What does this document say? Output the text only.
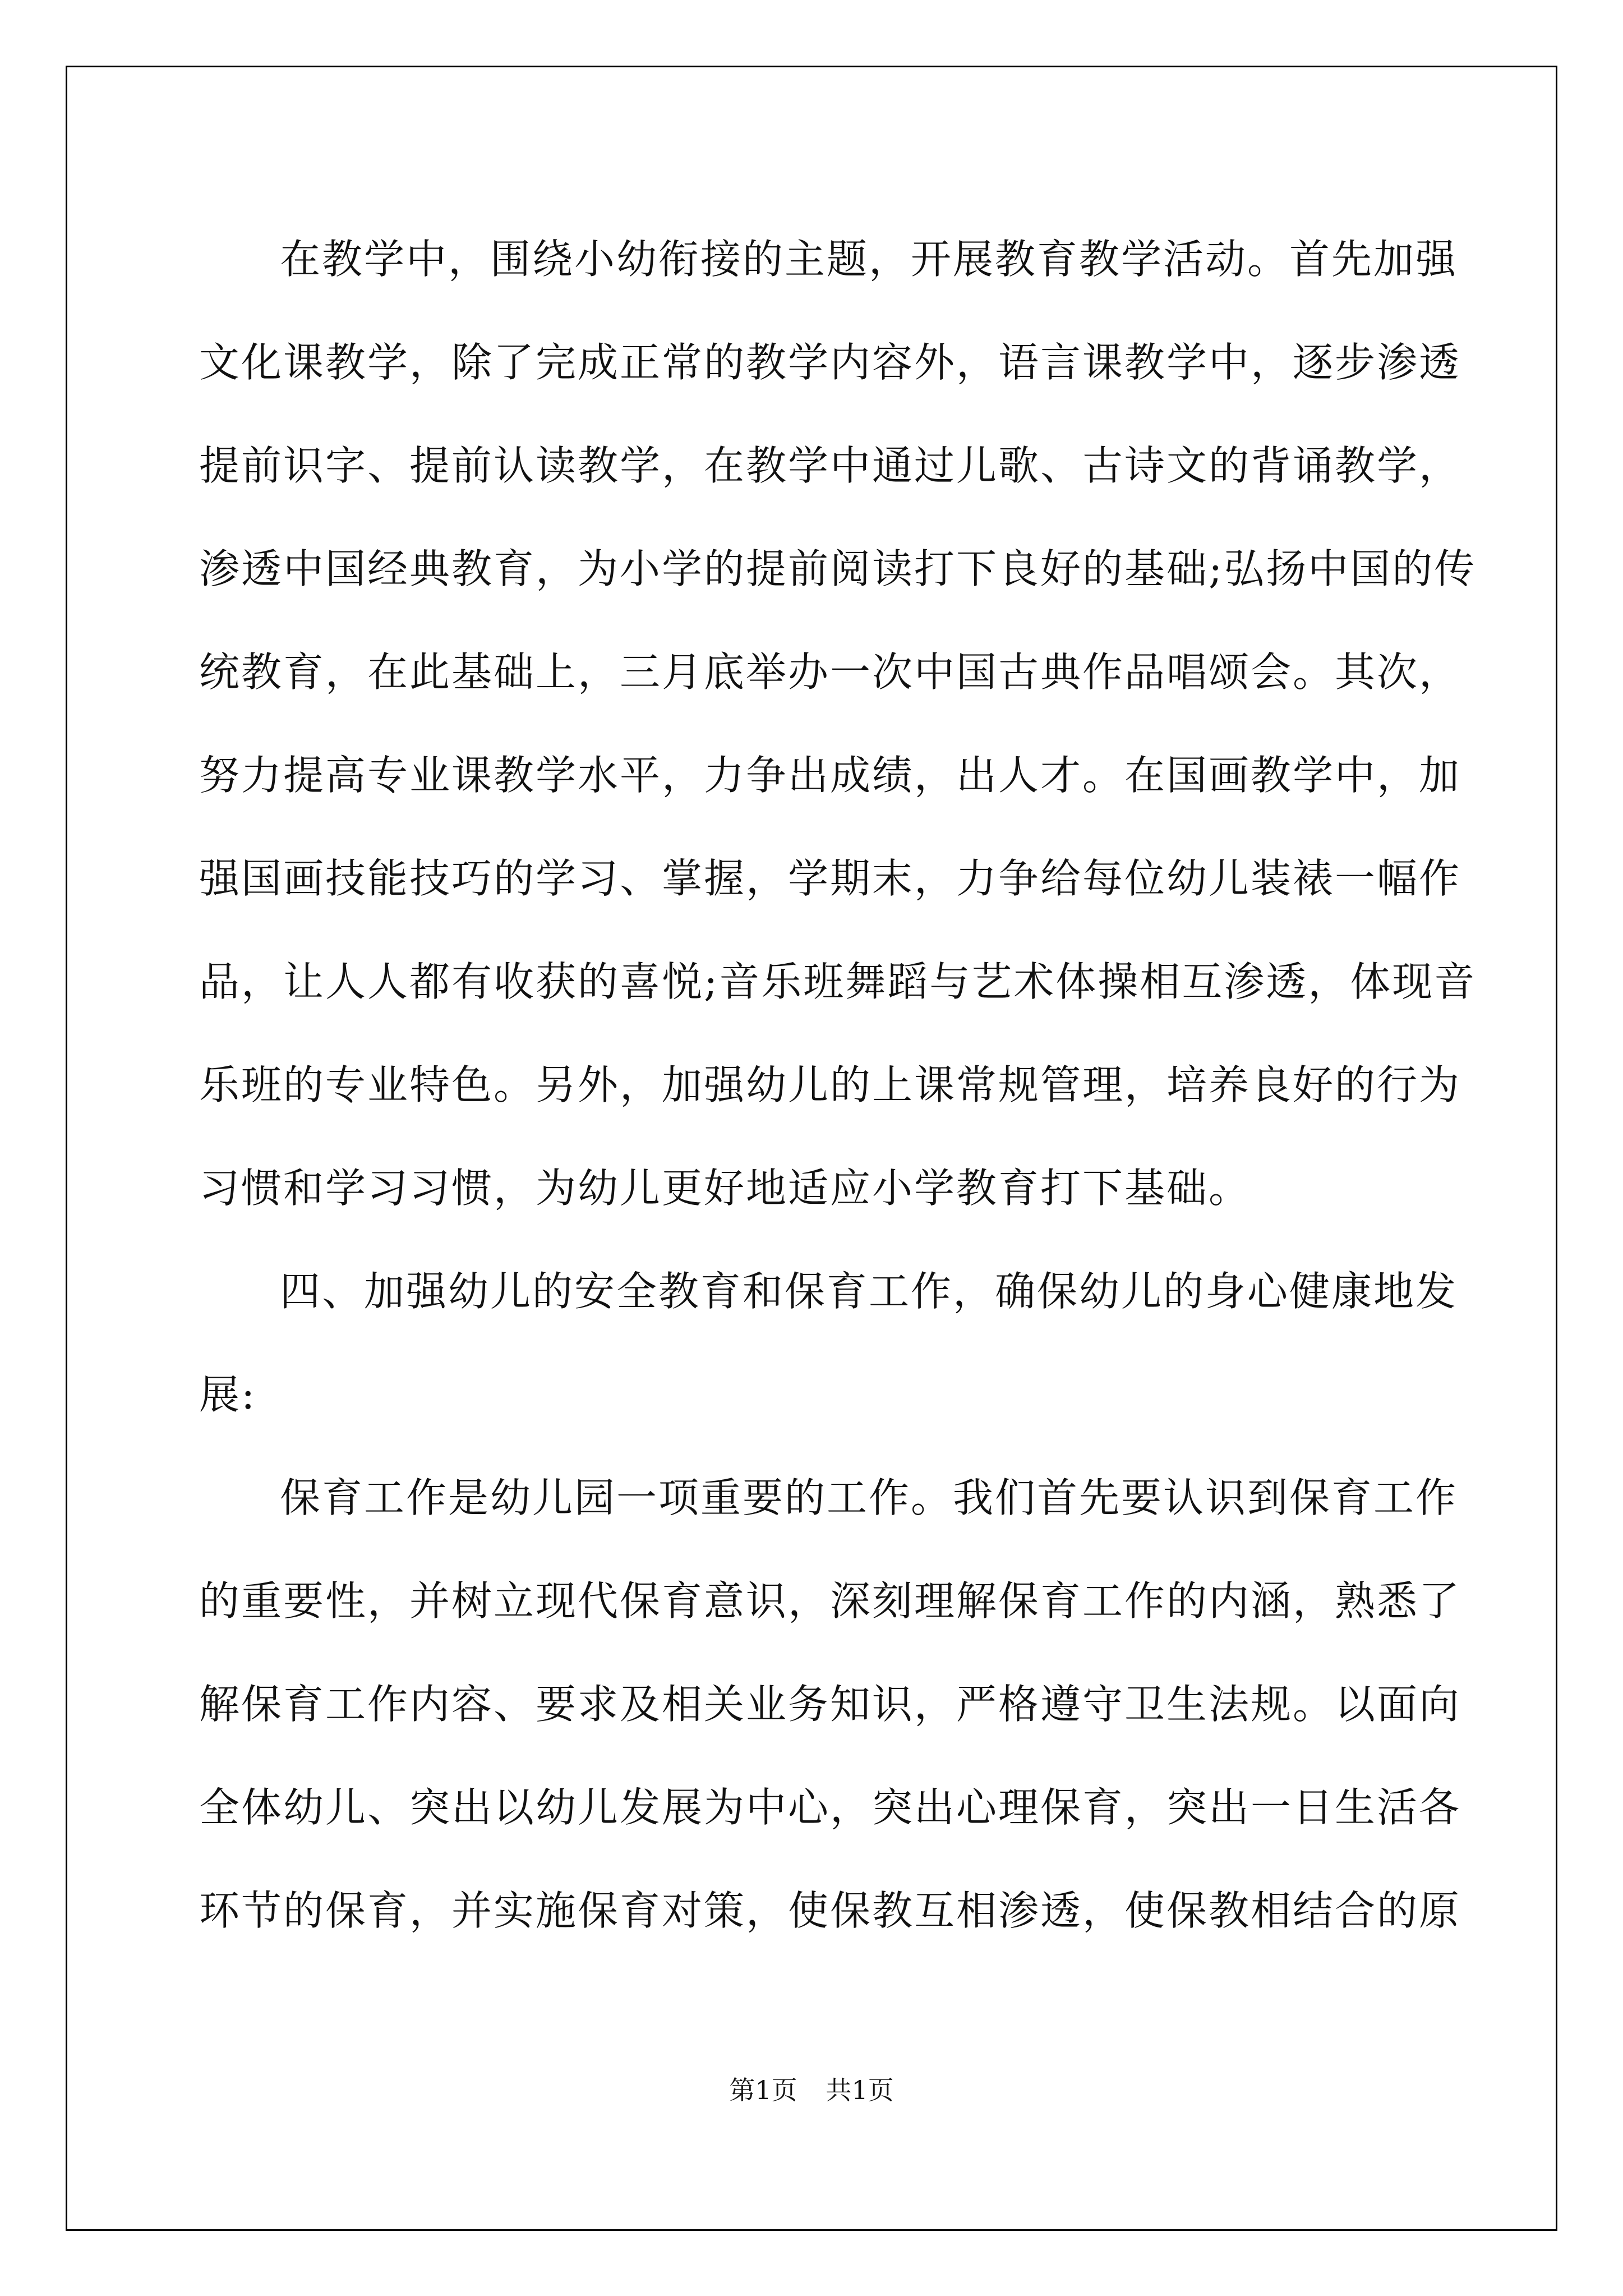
在教学中，围绕小幼衔接的主题，开展教育教学活动。首先加强
文化课教学，除了完成正常的教学内容外，语言课教学中，逐步渗透
提前识字、提前认读教学，在教学中通过儿歌、古诗文的背诵教学，
渗透中国经典教育，为小学的提前阅读打下良好的基础;弘扬中国的传
统教育，在此基础上，三月底举办一次中国古典作品唱颂会。其次，
努力提高专业课教学水平，力争出成绩，出人才。在国画教学中，加
强国画技能技巧的学习、掌握，学期末，力争给每位幼儿装裱一幅作
品，让人人都有收获的喜悦;音乐班舞蹈与艺术体操相互渗透，体现音
乐班的专业特色。另外，加强幼儿的上课常规管理，培养良好的行为
习惯和学习习惯，为幼儿更好地适应小学教育打下基础。
四、加强幼儿的安全教育和保育工作，确保幼儿的身心健康地发
展:
保育工作是幼儿园一项重要的工作。我们首先要认识到保育工作
的重要性，并树立现代保育意识，深刻理解保育工作的内涵，熟悉了
解保育工作内容、要求及相关业务知识，严格遵守卫生法规。以面向
全体幼儿、突出以幼儿发展为中心，突出心理保育，突出一日生活各
环节的保育，并实施保育对策，使保教互相渗透，使保教相结合的原
第1页 共1页
